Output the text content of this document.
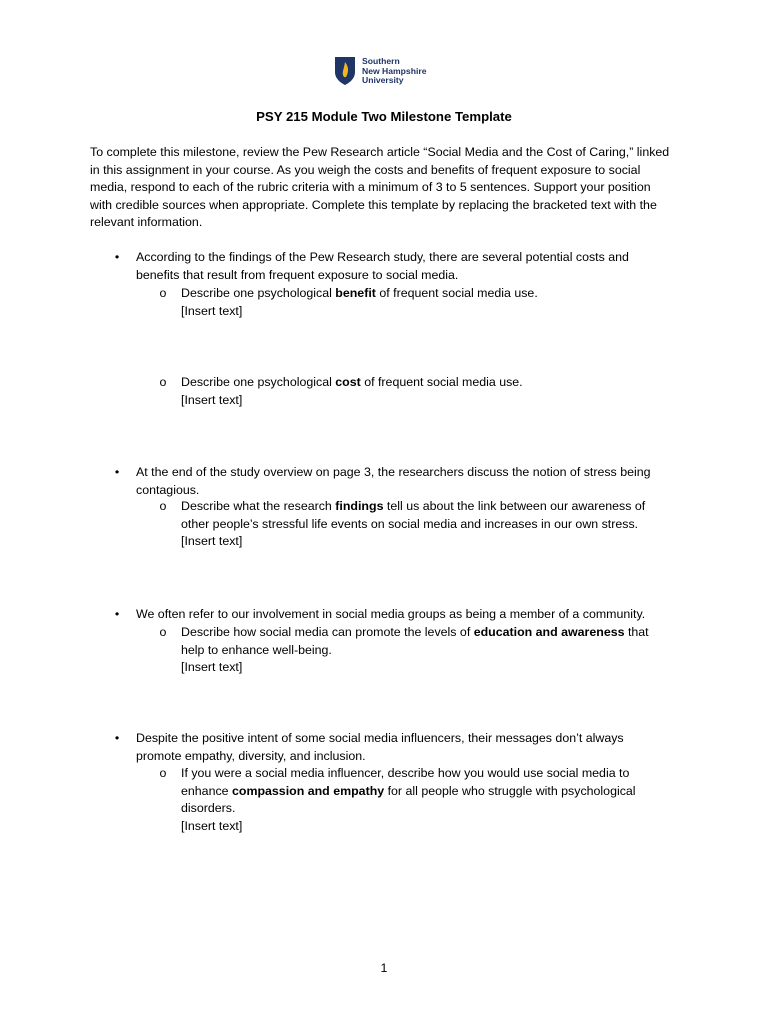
Southern
New Hampshire
University
PSY 215 Module Two Milestone Template

To complete this milestone, review the Pew Research article “Social Media and the Cost of Caring,” linked in this assignment in your course. As you weigh the costs and benefits of frequent exposure to social media, respond to each of the rubric criteria with a minimum of 3 to 5 sentences. Support your position with credible sources when appropriate. Complete this template by replacing the bracketed text with the relevant information.

• According to the findings of the Pew Research study, there are several potential costs and benefits that result from frequent exposure to social media.
o Describe one psychological benefit of frequent social media use.
[Insert text]
o Describe one psychological cost of frequent social media use.
[Insert text]
• At the end of the study overview on page 3, the researchers discuss the notion of stress being contagious.
o Describe what the research findings tell us about the link between our awareness of other people’s stressful life events on social media and increases in our own stress.
[Insert text]
• We often refer to our involvement in social media groups as being a member of a community.
o Describe how social media can promote the levels of education and awareness that help to enhance well-being.
[Insert text]
• Despite the positive intent of some social media influencers, their messages don’t always promote empathy, diversity, and inclusion.
o If you were a social media influencer, describe how you would use social media to enhance compassion and empathy for all people who struggle with psychological disorders.
[Insert text]
1
